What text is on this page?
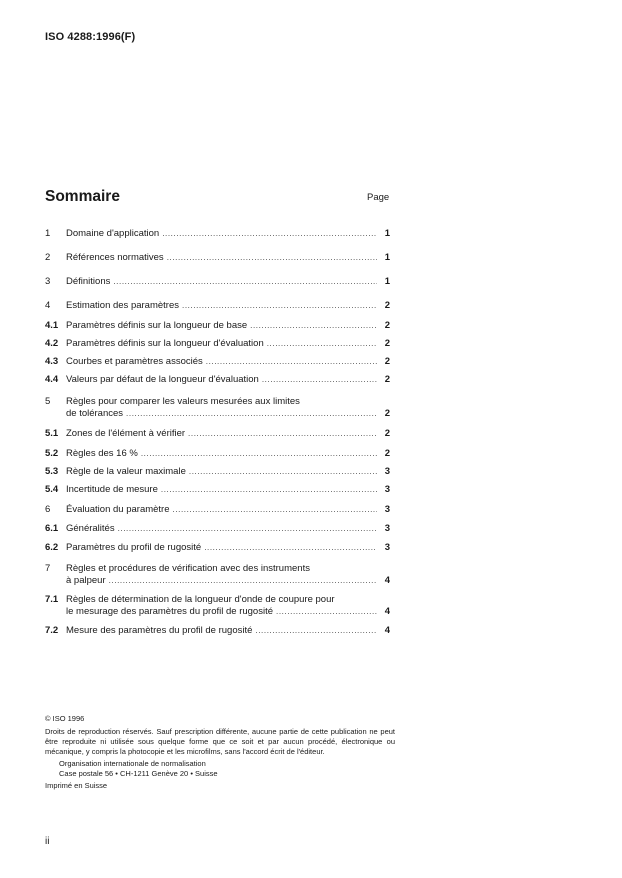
ISO 4288:1996(F)
Sommaire	Page
1	Domaine d'application .....	1
2	Références normatives .....	1
3	Définitions .....	1
4	Estimation des paramètres .....	2
4.1 Paramètres définis sur la longueur de base .....	2
4.2 Paramètres définis sur la longueur d'évaluation .....	2
4.3 Courbes et paramètres associés .....	2
4.4 Valeurs par défaut de la longueur d'évaluation .....	2
5	Règles pour comparer les valeurs mesurées aux limites
de tolérances .....	2
5.1 Zones de l'élément à vérifier .....	2
5.2 Règles des 16 % .....	2
5.3 Règle de la valeur maximale .....	3
5.4 Incertitude de mesure .....	3
6	Évaluation du paramètre .....	3
6.1 Généralités .....	3
6.2 Paramètres du profil de rugosité .....	3
7	Règles et procédures de vérification avec des instruments
à palpeur .....	4
7.1 Règles de détermination de la longueur d'onde de coupure pour
le mesurage des paramètres du profil de rugosité .....	4
7.2 Mesure des paramètres du profil de rugosité .....	4
© ISO 1996
Droits de reproduction réservés. Sauf prescription différente, aucune partie de cette publication ne peut être reproduite ni utilisée sous quelque forme que ce soit et par aucun procédé, électronique ou mécanique, y compris la photocopie et les microfilms, sans l'accord écrit de l'éditeur.
Organisation internationale de normalisation
Case postale 56 • CH-1211 Genève 20 • Suisse
Imprimé en Suisse
ii
